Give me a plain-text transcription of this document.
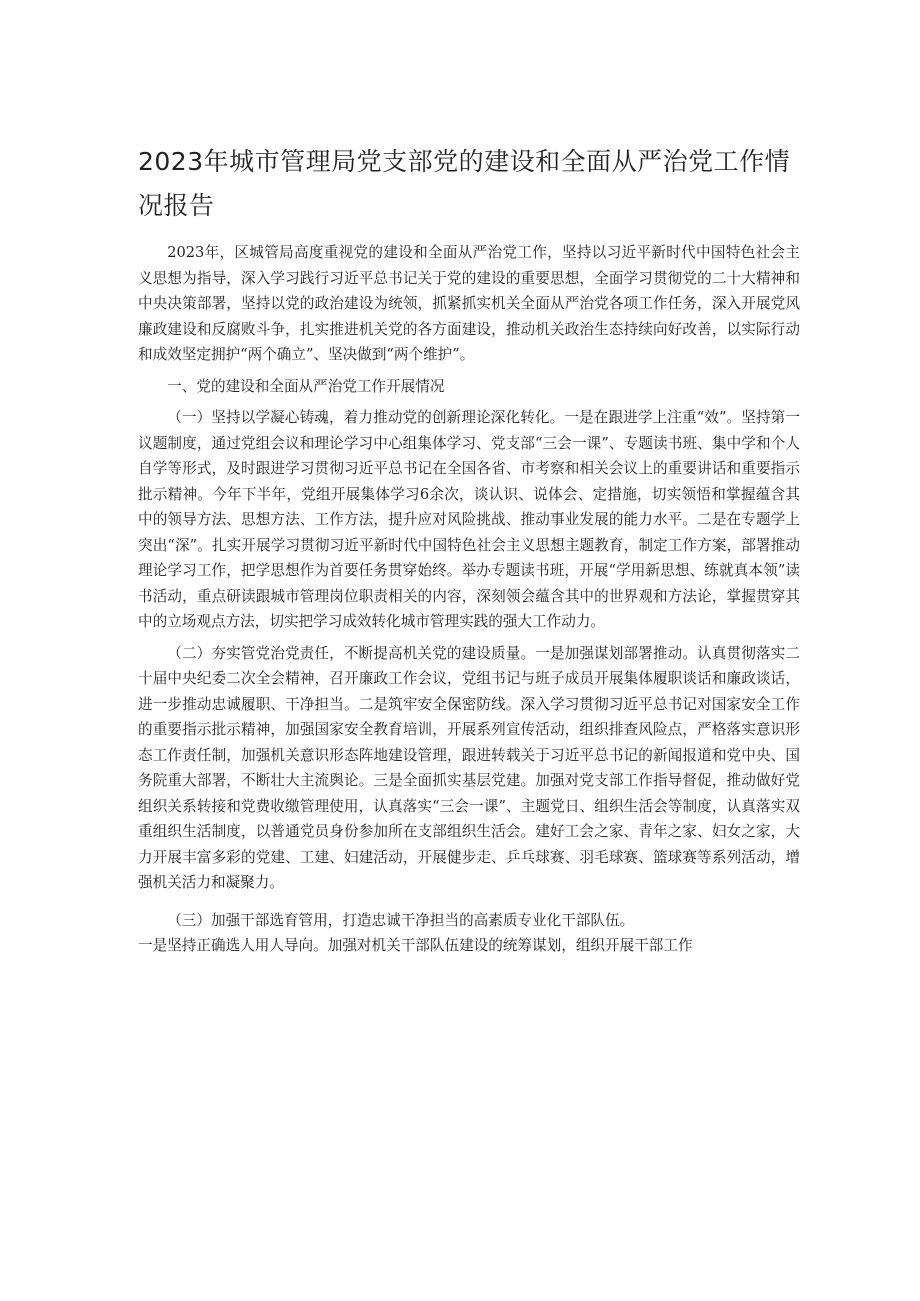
2023年城市管理局党支部党的建设和全面从严治党工作情况报告

2023年，区城管局高度重视党的建设和全面从严治党工作，坚持以习近平新时代中国特色社会主义思想为指导，深入学习践行习近平总书记关于党的建设的重要思想，全面学习贯彻党的二十大精神和中央决策部署，坚持以党的政治建设为统领，抓紧抓实机关全面从严治党各项工作任务，深入开展党风廉政建设和反腐败斗争，扎实推进机关党的各方面建设，推动机关政治生态持续向好改善，以实际行动和成效坚定拥护“两个确立”、坚决做到“两个维护”。

一、党的建设和全面从严治党工作开展情况

（一）坚持以学凝心铸魂，着力推动党的创新理论深化转化。一是在跟进学上注重“效”。坚持第一议题制度，通过党组会议和理论学习中心组集体学习、党支部“三会一课”、专题读书班、集中学和个人自学等形式，及时跟进学习贯彻习近平总书记在全国各省、市考察和相关会议上的重要讲话和重要指示批示精神。今年下半年，党组开展集体学习6余次，谈认识、说体会、定措施，切实领悟和掌握蕴含其中的领导方法、思想方法、工作方法，提升应对风险挑战、推动事业发展的能力水平。二是在专题学上突出“深”。扎实开展学习贯彻习近平新时代中国特色社会主义思想主题教育，制定工作方案，部署推动理论学习工作，把学思想作为首要任务贯穿始终。举办专题读书班，开展“学用新思想、练就真本领”读书活动，重点研读跟城市管理岗位职责相关的内容，深刻领会蕴含其中的世界观和方法论，掌握贯穿其中的立场观点方法，切实把学习成效转化城市管理实践的强大工作动力。

（二）夯实管党治党责任，不断提高机关党的建设质量。一是加强谋划部署推动。认真贯彻落实二十届中央纪委二次全会精神，召开廉政工作会议，党组书记与班子成员开展集体履职谈话和廉政谈话，进一步推动忠诚履职、干净担当。二是筑牢安全保密防线。深入学习贯彻习近平总书记对国家安全工作的重要指示批示精神，加强国家安全教育培训，开展系列宣传活动，组织排查风险点，严格落实意识形态工作责任制，加强机关意识形态阵地建设管理，跟进转载关于习近平总书记的新闻报道和党中央、国务院重大部署，不断壮大主流舆论。三是全面抓实基层党建。加强对党支部工作指导督促，推动做好党组织关系转接和党费收缴管理使用，认真落实“三会一课”、主题党日、组织生活会等制度，认真落实双重组织生活制度，以普通党员身份参加所在支部组织生活会。建好工会之家、青年之家、妇女之家，大力开展丰富多彩的党建、工建、妇建活动，开展健步走、乒乓球赛、羽毛球赛、篮球赛等系列活动，增强机关活力和凝聚力。

（三）加强干部选育管用，打造忠诚干净担当的高素质专业化干部队伍。

一是坚持正确选人用人导向。加强对机关干部队伍建设的统筹谋划，组织开展干部工作
